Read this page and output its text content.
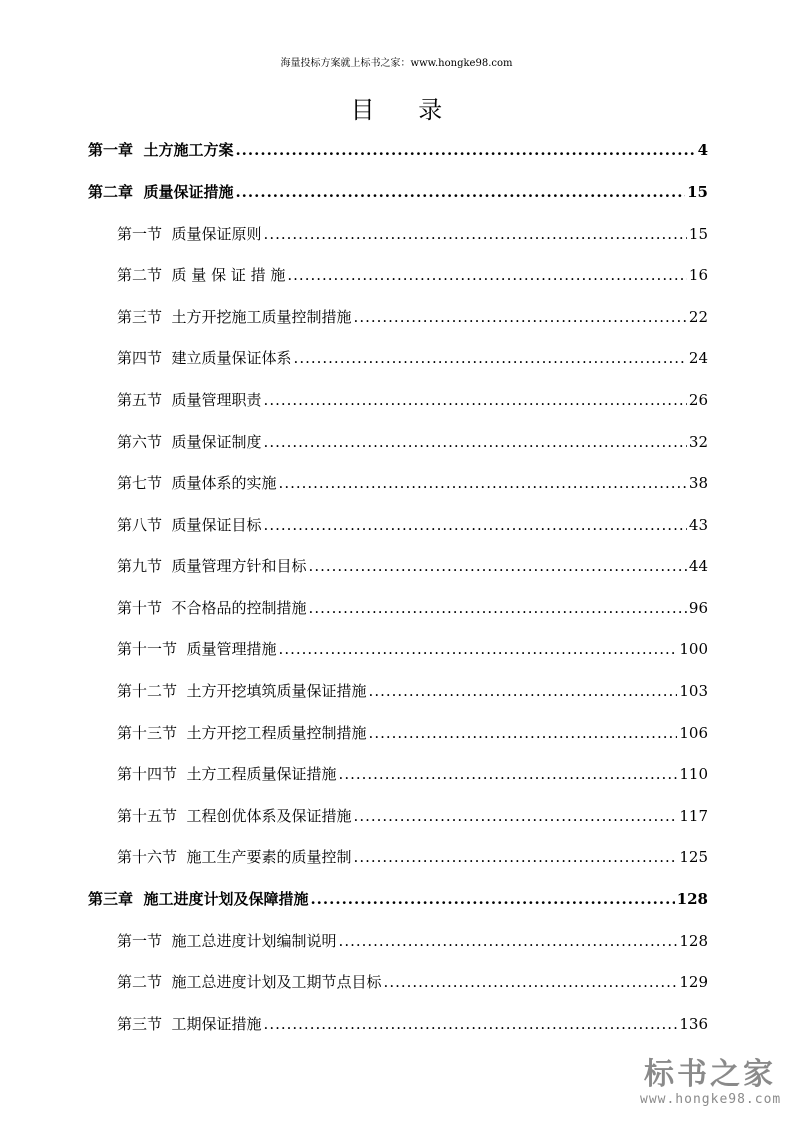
海量投标方案就上标书之家：www.hongke98.com
目 录
第一章  土方施工方案 .....	4
第二章  质量保证措施 .....	15
第一节  质量保证原则 .....	15
第二节  质 量 保 证 措 施 .....	16
第三节  土方开挖施工质量控制措施 .....	22
第四节  建立质量保证体系 .....	24
第五节  质量管理职责 .....	26
第六节  质量保证制度 .....	32
第七节  质量体系的实施 .....	38
第八节  质量保证目标 .....	43
第九节  质量管理方针和目标 .....	44
第十节  不合格品的控制措施 .....	96
第十一节  质量管理措施 .....	100
第十二节  土方开挖填筑质量保证措施 .....	103
第十三节  土方开挖工程质量控制措施 .....	106
第十四节  土方工程质量保证措施 .....	110
第十五节  工程创优体系及保证措施 .....	117
第十六节  施工生产要素的质量控制 .....	125
第三章  施工进度计划及保障措施 .....	128
第一节  施工总进度计划编制说明 .....	128
第二节  施工总进度计划及工期节点目标 .....	129
第三节  工期保证措施 .....	136
标书之家
www.hongke98.com
